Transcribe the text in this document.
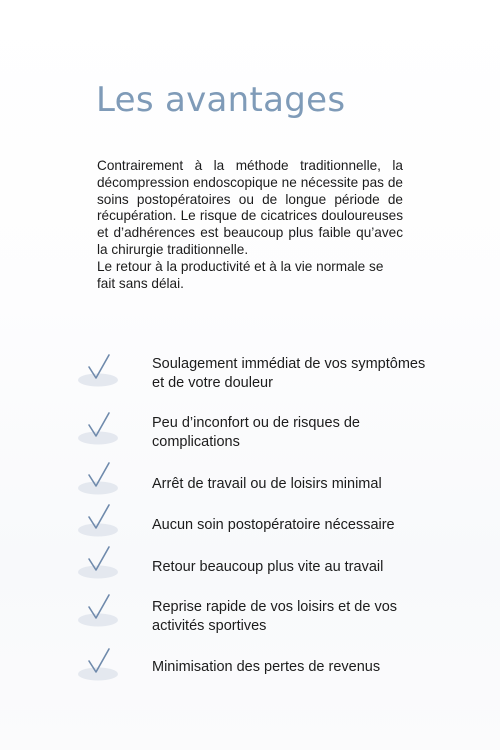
Les avantages

Contrairement à la méthode traditionnelle, la décompression endoscopique ne nécessite pas de soins postopératoires ou de longue période de récupération. Le risque de cicatrices douloureuses et d’adhérences est beaucoup plus faible qu’avec la chirurgie traditionnelle.

Le retour à la productivité et à la vie normale se fait sans délai.

Soulagement immédiat de vos symptômes et de votre douleur
Peu d’inconfort ou de risques de complications
Arrêt de travail ou de loisirs minimal
Aucun soin postopératoire nécessaire
Retour beaucoup plus vite au travail
Reprise rapide de vos loisirs et de vos activités sportives
Minimisation des pertes de revenus
